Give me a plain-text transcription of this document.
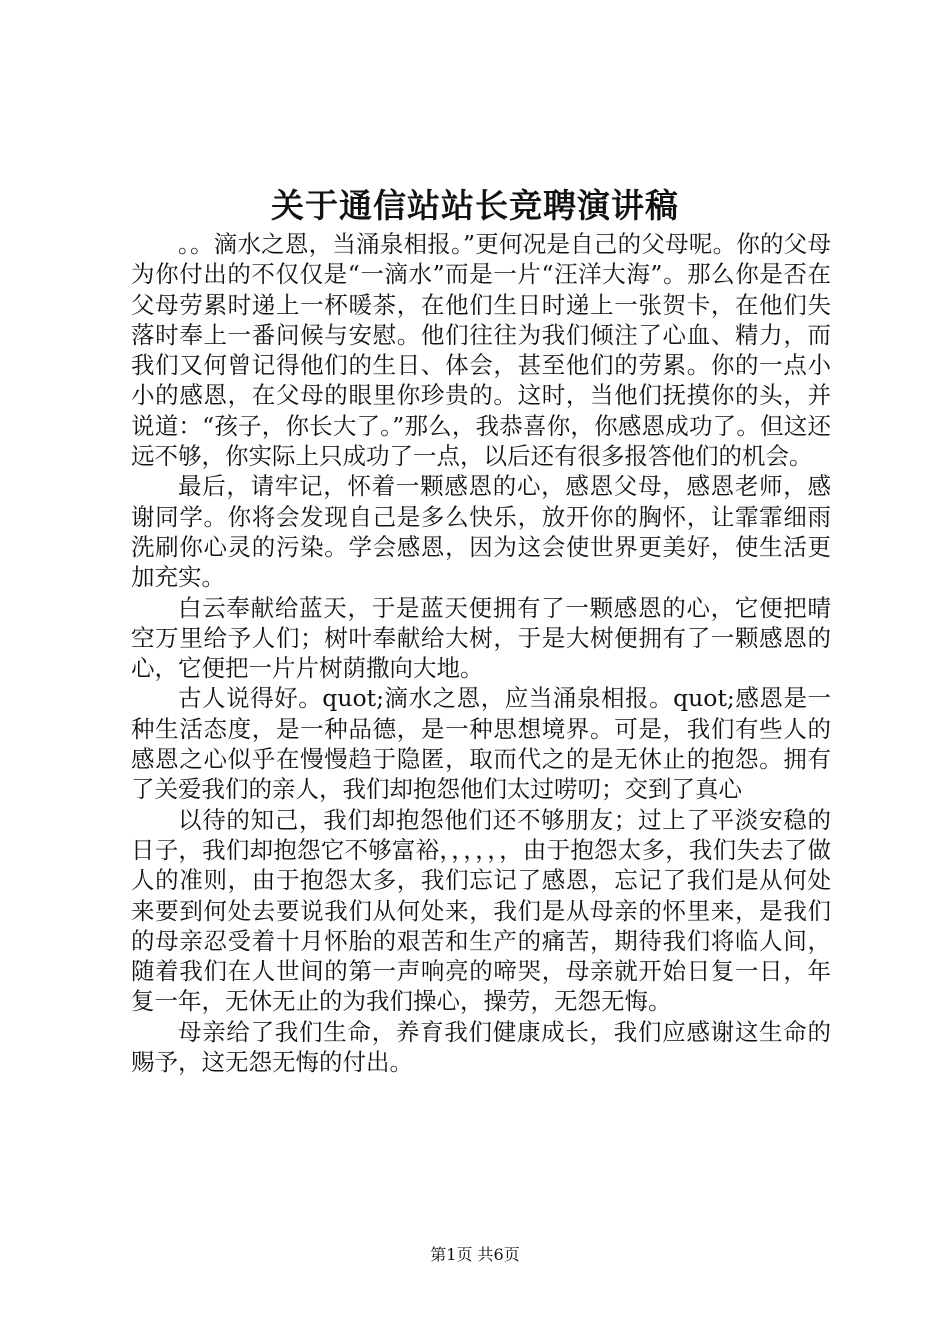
关于通信站站长竞聘演讲稿

。。滴水之恩，当涌泉相报。”更何况是自己的父母呢。你的父母为你付出的不仅仅是“一滴水”而是一片“汪洋大海”。那么你是否在父母劳累时递上一杯暖茶，在他们生日时递上一张贺卡，在他们失落时奉上一番问候与安慰。他们往往为我们倾注了心血、精力，而我们又何曾记得他们的生日、体会，甚至他们的劳累。你的一点小小的感恩，在父母的眼里你珍贵的。这时，当他们抚摸你的头，并说道：“孩子，你长大了。”那么，我恭喜你，你感恩成功了。但这还远不够，你实际上只成功了一点，以后还有很多报答他们的机会。

最后，请牢记，怀着一颗感恩的心，感恩父母，感恩老师，感谢同学。你将会发现自己是多么快乐，放开你的胸怀，让霏霏细雨洗刷你心灵的污染。学会感恩，因为这会使世界更美好，使生活更加充实。

白云奉献给蓝天，于是蓝天便拥有了一颗感恩的心，它便把晴空万里给予人们；树叶奉献给大树，于是大树便拥有了一颗感恩的心，它便把一片片树荫撒向大地。

古人说得好。quot;滴水之恩，应当涌泉相报。quot;感恩是一种生活态度，是一种品德，是一种思想境界。可是，我们有些人的感恩之心似乎在慢慢趋于隐匿，取而代之的是无休止的抱怨。拥有了关爱我们的亲人，我们却抱怨他们太过唠叨；交到了真心

以待的知己，我们却抱怨他们还不够朋友；过上了平淡安稳的日子，我们却抱怨它不够富裕，，，，，，由于抱怨太多，我们失去了做人的准则，由于抱怨太多，我们忘记了感恩，忘记了我们是从何处来要到何处去要说我们从何处来，我们是从母亲的怀里来，是我们的母亲忍受着十月怀胎的艰苦和生产的痛苦，期待我们将临人间，随着我们在人世间的第一声响亮的啼哭，母亲就开始日复一日，年复一年，无休无止的为我们操心，操劳，无怨无悔。

母亲给了我们生命，养育我们健康成长，我们应感谢这生命的赐予，这无怨无悔的付出。

第1页 共6页
